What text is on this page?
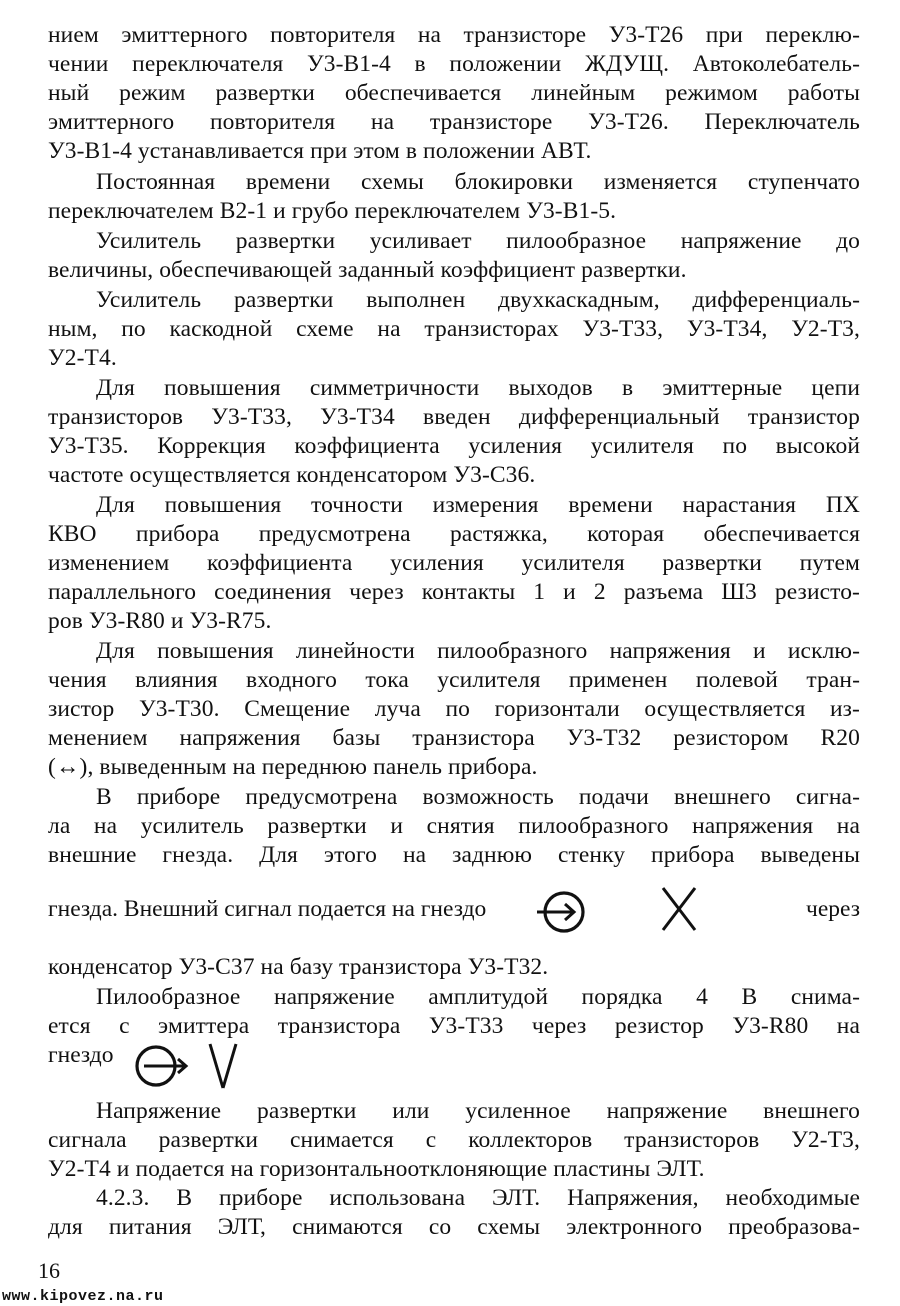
нием эмиттерного повторителя на транзисторе У3-Т26 при переклю-
чении переключателя У3-В1-4 в положении ЖДУЩ. Автоколебатель-
ный режим развертки обеспечивается линейным режимом работы
эмиттерного повторителя на транзисторе У3-Т26. Переключатель
У3-В1-4 устанавливается при этом в положении АВТ.
Постоянная времени схемы блокировки изменяется ступенчато
переключателем В2-1 и грубо переключателем У3-В1-5.
Усилитель развертки усиливает пилообразное напряжение до
величины, обеспечивающей заданный коэффициент развертки.
Усилитель развертки выполнен двухкаскадным, дифференциаль-
ным, по каскодной схеме на транзисторах У3-Т33, У3-Т34, У2-Т3,
У2-Т4.
Для повышения симметричности выходов в эмиттерные цепи
транзисторов У3-Т33, У3-Т34 введен дифференциальный транзистор
У3-Т35. Коррекция коэффициента усиления усилителя по высокой
частоте осуществляется конденсатором У3-С36.
Для повышения точности измерения времени нарастания ПХ
КВО прибора предусмотрена растяжка, которая обеспечивается
изменением коэффициента усиления усилителя развертки путем
параллельного соединения через контакты 1 и 2 разъема Ш3 резисто-
ров У3-R80 и У3-R75.
Для повышения линейности пилообразного напряжения и исклю-
чения влияния входного тока усилителя применен полевой тран-
зистор У3-Т30. Смещение луча по горизонтали осуществляется из-
менением напряжения базы транзистора У3-Т32 резистором R20
(↔), выведенным на переднюю панель прибора.
В приборе предусмотрена возможность подачи внешнего сигна-
ла на усилитель развертки и снятия пилообразного напряжения на
внешние гнезда. Для этого на заднюю стенку прибора выведены
гнезда. Внешний сигнал подается на гнездо	через
конденсатор У3-С37 на базу транзистора У3-Т32.
Пилообразное напряжение амплитудой порядка 4 В снима-
ется с эмиттера транзистора У3-Т33 через резистор У3-R80 на
гнездо
Напряжение развертки или усиленное напряжение внешнего
сигнала развертки снимается с коллекторов транзисторов У2-Т3,
У2-Т4 и подается на горизонтальноотклоняющие пластины ЭЛТ.
4.2.3. В приборе использована ЭЛТ. Напряжения, необходимые
для питания ЭЛТ, снимаются со схемы электронного преобразова-
16
www.kipovez.na.ru
